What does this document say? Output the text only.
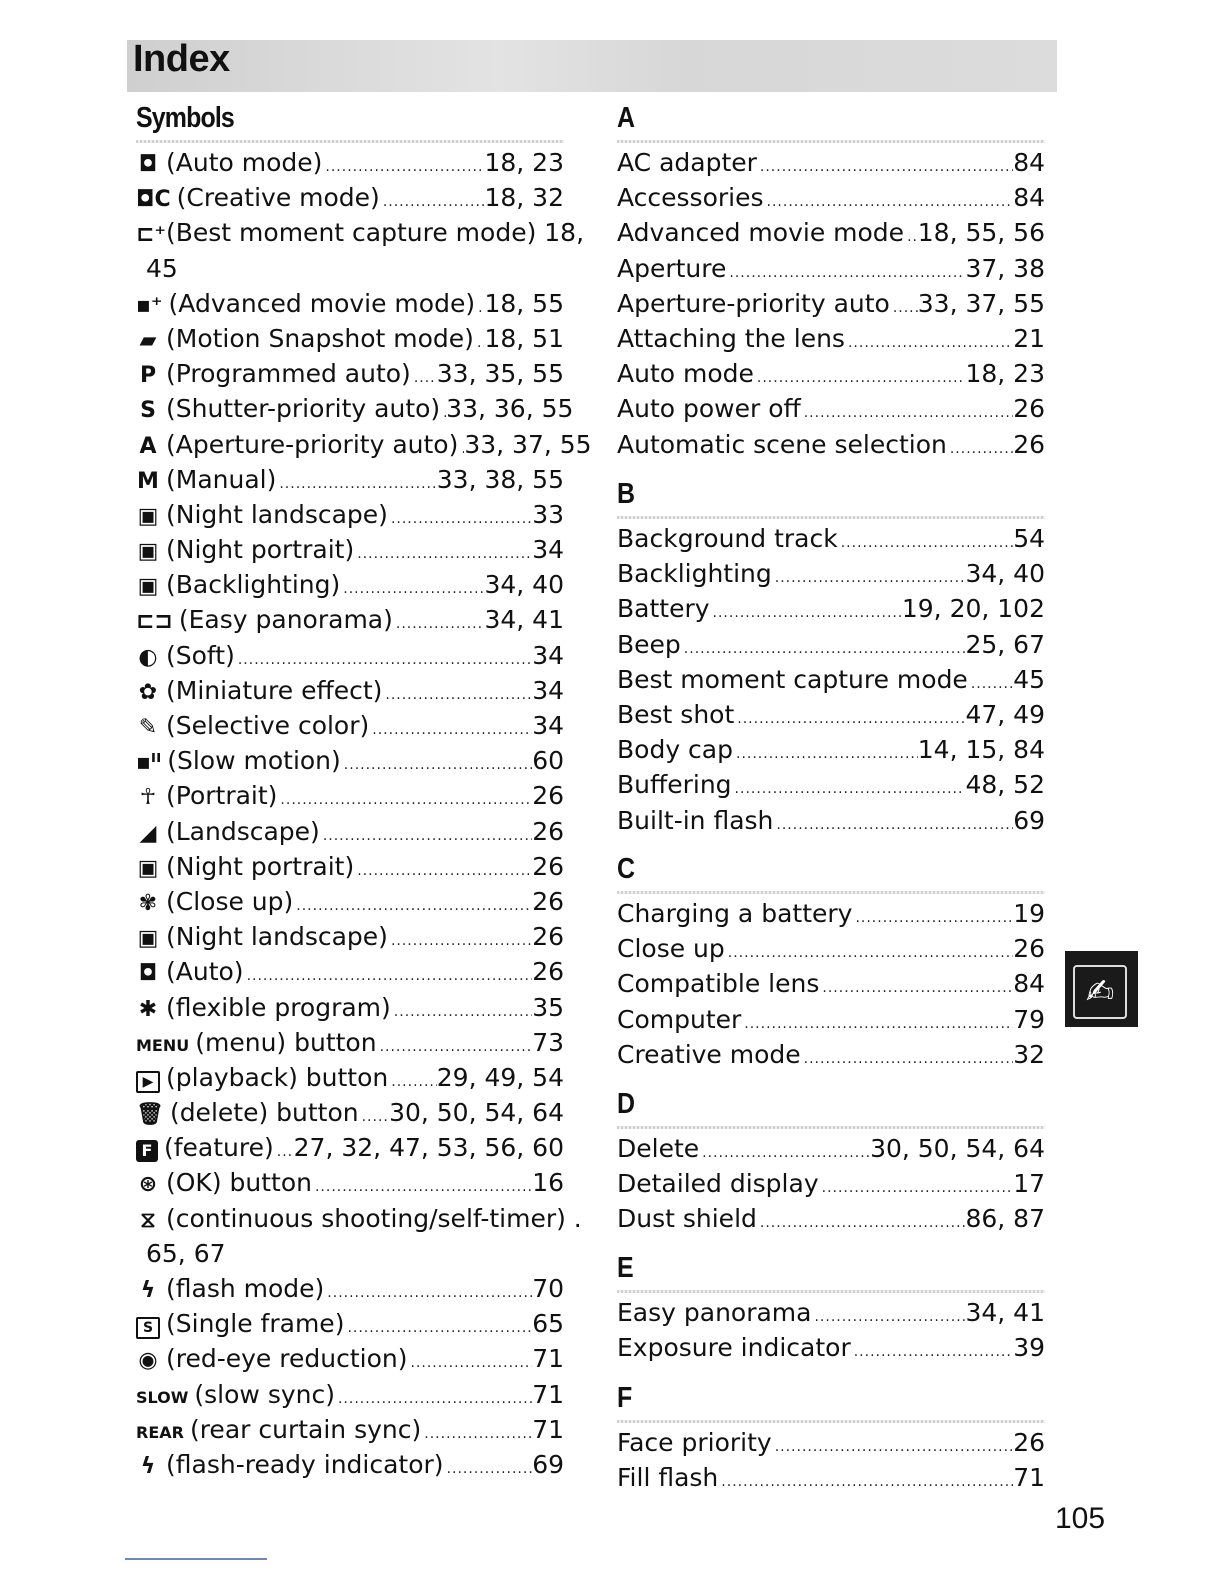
Index
Symbols
◘ (Auto mode) .....	18, 23
◘C (Creative mode) .....	18, 32
⊏⁺ (Best moment capture mode) 18,
45
▪⁺ (Advanced movie mode) ..... 18, 55
▰ (Motion Snapshot mode) ..... 18, 51
P (Programmed auto) ..... 33, 35, 55
S (Shutter-priority auto) ..... 33, 36, 55
A (Aperture-priority auto) ..... 33, 37, 55
M (Manual) .....	33, 38, 55
▣ (Night landscape) .....	33
▣ (Night portrait) .....	34
▣ (Backlighting) .....	34, 40
⊏⊐ (Easy panorama) .....	34, 41
◐ (Soft) .....	34
✿ (Miniature effect) .....	34
✎ (Selective color) .....	34
▪ᴵᴵ (Slow motion) .....	60
☥ (Portrait) .....	26
◢ (Landscape) .....	26
▣ (Night portrait) .....	26
✾ (Close up) .....	26
▣ (Night landscape) .....	26
◘ (Auto) .....	26
✱ (flexible program) .....	35
MENU (menu) button .....	73
▶ (playback) button ..... 29, 49, 54
🗑 (delete) button ..... 30, 50, 54, 64
F (feature) ..... 27, 32, 47, 53, 56, 60
⊛ (OK) button .....	16
⧖ (continuous shooting/self-timer) .
65, 67
ϟ (flash mode) .....	70
S (Single frame) .....	65
◉ (red-eye reduction) .....	71
SLOW (slow sync) .....	71
REAR (rear curtain sync) .....	71
ϟ (flash-ready indicator) .....	69
A
AC adapter .....	84
Accessories .....	84
Advanced movie mode ..... 18, 55, 56
Aperture .....	37, 38
Aperture-priority auto ..... 33, 37, 55
Attaching the lens .....	21
Auto mode .....	18, 23
Auto power off .....	26
Automatic scene selection .....	26
B
Background track .....	54
Backlighting .....	34, 40
Battery .....	19, 20, 102
Beep .....	25, 67
Best moment capture mode ..... 45
Best shot .....	47, 49
Body cap .....	14, 15, 84
Buffering .....	48, 52
Built-in flash .....	69
C
Charging a battery .....	19
Close up .....	26
Compatible lens .....	84
Computer .....	79
Creative mode .....	32
D
Delete .....	30, 50, 54, 64
Detailed display .....	17
Dust shield .....	86, 87
E
Easy panorama .....	34, 41
Exposure indicator .....	39
F
Face priority .....	26
Fill flash .....	71
✍
105
